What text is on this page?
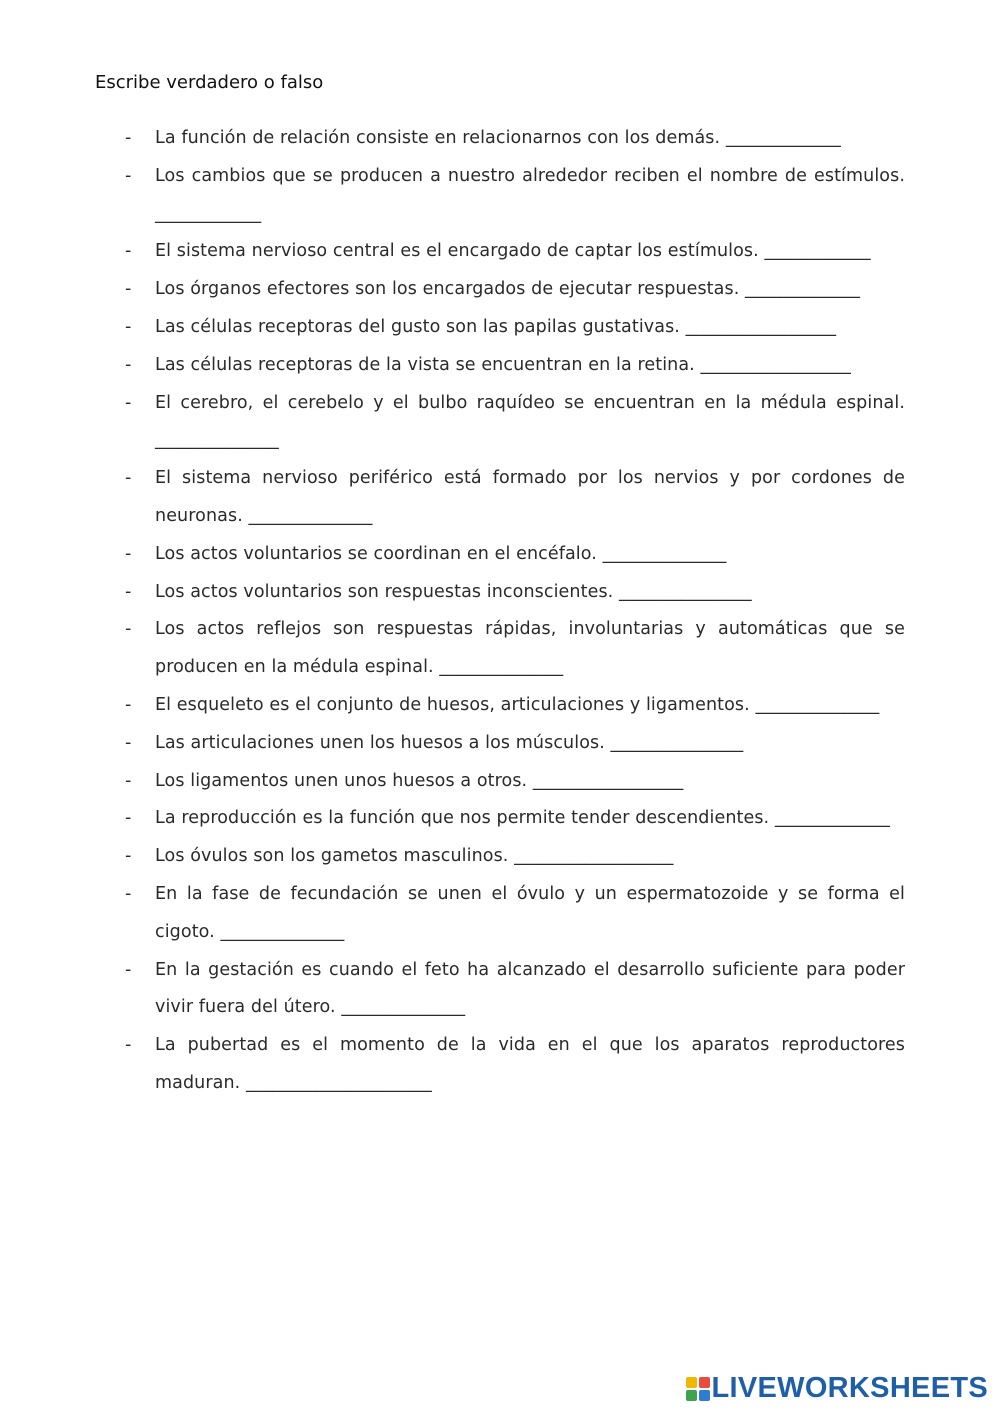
Escribe verdadero o falso
- La función de relación consiste en relacionarnos con los demás. _____________
- Los cambios que se producen a nuestro alrededor reciben el nombre de estímulos. ____________
- El sistema nervioso central es el encargado de captar los estímulos. ____________
- Los órganos efectores son los encargados de ejecutar respuestas. _____________
- Las células receptoras del gusto son las papilas gustativas. _________________
- Las células receptoras de la vista se encuentran en la retina. _________________
- El cerebro, el cerebelo y el bulbo raquídeo se encuentran en la médula espinal. ______________
- El sistema nervioso periférico está formado por los nervios y por cordones de neuronas. ______________
- Los actos voluntarios se coordinan en el encéfalo. ______________
- Los actos voluntarios son respuestas inconscientes. _______________
- Los actos reflejos son respuestas rápidas, involuntarias y automáticas que se producen en la médula espinal. ______________
- El esqueleto es el conjunto de huesos, articulaciones y ligamentos. ______________
- Las articulaciones unen los huesos a los músculos. _______________
- Los ligamentos unen unos huesos a otros. _________________
- La reproducción es la función que nos permite tender descendientes. _____________
- Los óvulos son los gametos masculinos. __________________
- En la fase de fecundación se unen el óvulo y un espermatozoide y se forma el cigoto. ______________
- En la gestación es cuando el feto ha alcanzado el desarrollo suficiente para poder vivir fuera del útero. ______________
- La pubertad es el momento de la vida en el que los aparatos reproductores maduran. _____________________
LIVEWORKSHEETS
